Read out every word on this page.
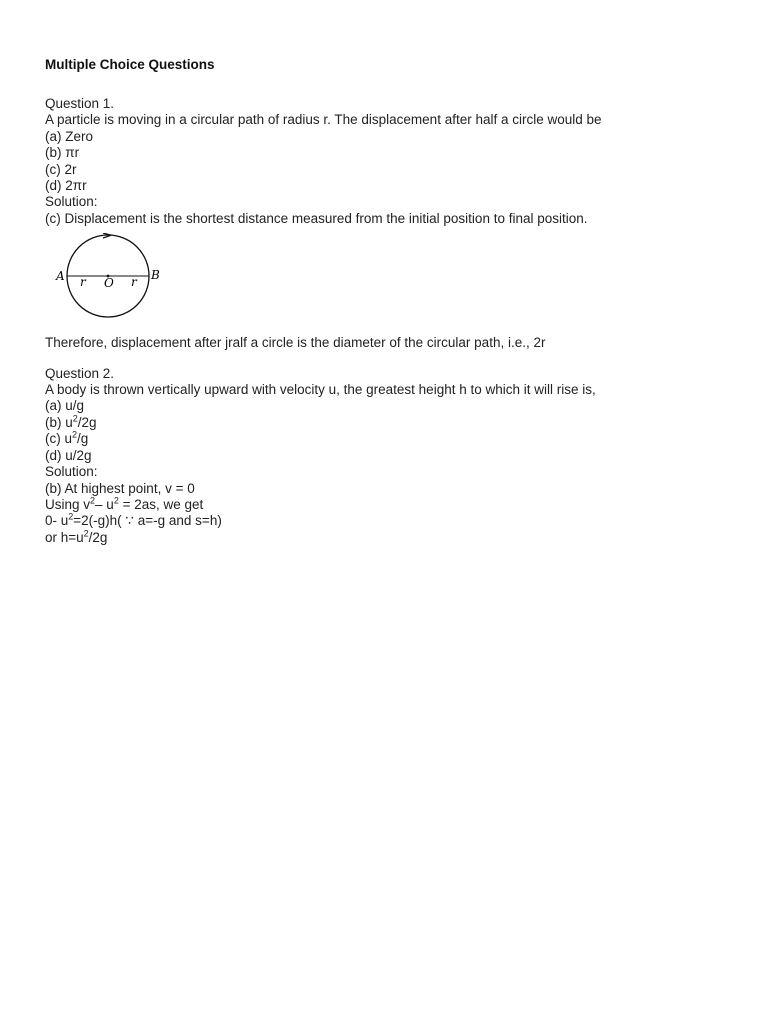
Multiple Choice Questions

Question 1.

A particle is moving in a circular path of radius r. The displacement after half a circle would be

(a) Zero

(b) πr

(c) 2r

(d) 2πr

Solution:

(c) Displacement is the shortest distance measured from the initial position to final position.

A	B
O
r	r

Therefore, displacement after jralf a circle is the diameter of the circular path, i.e., 2r

Question 2.

A body is thrown vertically upward with velocity u, the greatest height h to which it will rise is,

(a) u/g

(b) $u^2/2g$

(c) $u^2/g$

(d) u/2g

Solution:

(b) At highest point, v = 0

Using $v^2-$ $u^2 = 2as$, we get

0- $u^2=2(-g)h$( ∵ a=-g and s=h)

or $h=u^2/2g$
